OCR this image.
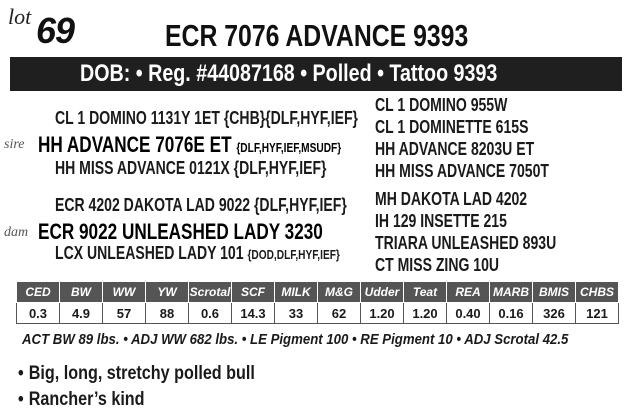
lot 69	ECR 7076 ADVANCE 9393
DOB: • Reg. #44087168 • Polled • Tattoo 9393
CL 1 DOMINO 1131Y 1ET {CHB}{DLF,HYF,IEF}
sire HH ADVANCE 7076E ET {DLF,HYF,IEF,MSUDF}
HH MISS ADVANCE 0121X {DLF,HYF,IEF}
ECR 4202 DAKOTA LAD 9022 {DLF,HYF,IEF}
dam ECR 9022 UNLEASHED LADY 3230
LCX UNLEASHED LADY 101 {DOD,DLF,HYF,IEF}
CL 1 DOMINO 955W
CL 1 DOMINETTE 615S
HH ADVANCE 8203U ET
HH MISS ADVANCE 7050T
MH DAKOTA LAD 4202
IH 129 INSETTE 215
TRIARA UNLEASHED 893U
CT MISS ZING 10U
CED	BW	WW	YW	Scrotal	SCF	MILK	M&G	Udder	Teat	REA	MARB	BMIS	CHBS
0.3	4.9	57	88	0.6	14.3	33	62	1.20	1.20	0.40	0.16	326	121
ACT BW 89 lbs. • ADJ WW 682 lbs. • LE Pigment 100 • RE Pigment 10 • ADJ Scrotal 42.5
• Big, long, stretchy polled bull
• Rancher’s kind
